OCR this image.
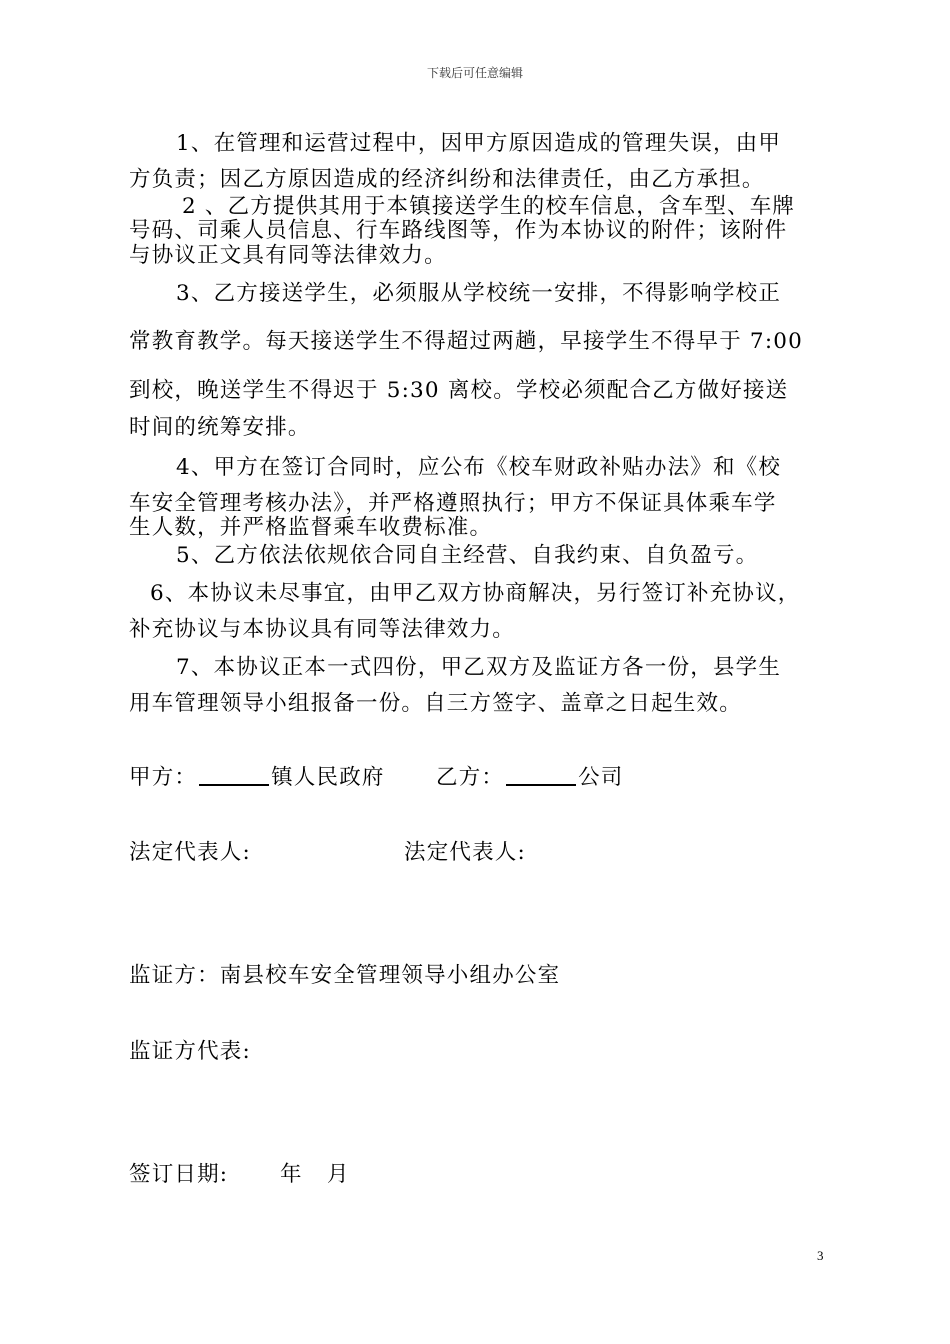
下载后可任意编辑
1、在管理和运营过程中，因甲方原因造成的管理失误，由甲
方负责；因乙方原因造成的经济纠纷和法律责任，由乙方承担。
2 、乙方提供其用于本镇接送学生的校车信息，含车型、车牌
号码、司乘人员信息、行车路线图等，作为本协议的附件；该附件
与协议正文具有同等法律效力。
3、乙方接送学生，必须服从学校统一安排，不得影响学校正
常教育教学。每天接送学生不得超过两趟，早接学生不得早于 7:00
到校，晚送学生不得迟于 5:30 离校。学校必须配合乙方做好接送
时间的统筹安排。
4、甲方在签订合同时，应公布《校车财政补贴办法》和《校
车安全管理考核办法》，并严格遵照执行；甲方不保证具体乘车学
生人数，并严格监督乘车收费标准。
5、乙方依法依规依合同自主经营、自我约束、自负盈亏。
6、本协议未尽事宜，由甲乙双方协商解决，另行签订补充协议，
补充协议与本协议具有同等法律效力。
7、本协议正本一式四份，甲乙双方及监证方各一份，县学生
用车管理领导小组报备一份。自三方签字、盖章之日起生效。
甲方：	镇人民政府 乙方：	公司
法定代表人:	法定代表人:
监证方：南县校车安全管理领导小组办公室
监证方代表:
签订日期: 年 月
3
